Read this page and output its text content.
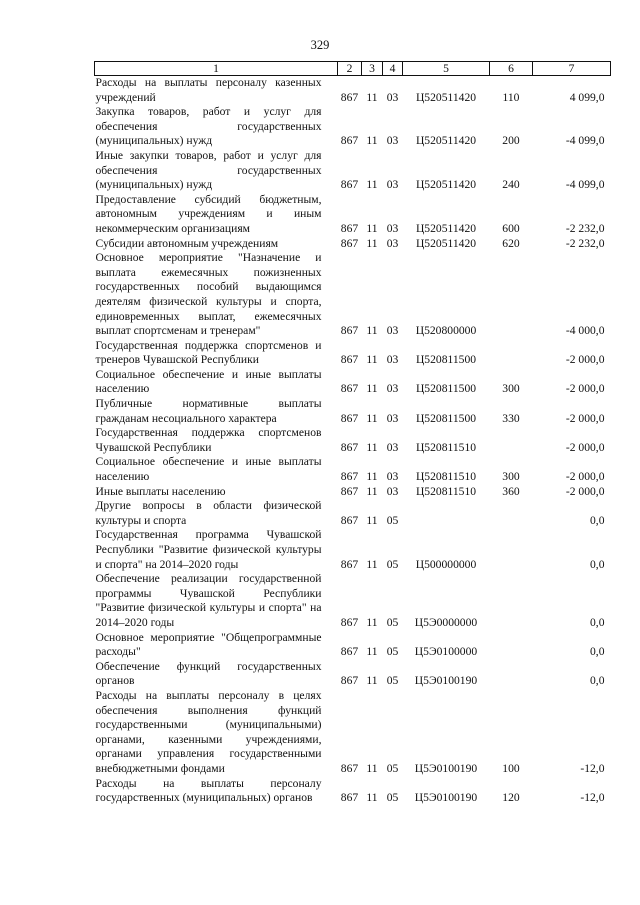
329
1	2	3	4	5	6	7
Расходы на выплаты персоналу казенных учреждений	867	11	03	Ц520511420	110	4 099,0
Закупка товаров, работ и услуг для обеспечения государственных (муниципальных) нужд	867	11	03	Ц520511420	200	-4 099,0
Иные закупки товаров, работ и услуг для обеспечения государственных (муниципальных) нужд	867	11	03	Ц520511420	240	-4 099,0
Предоставление субсидий бюджетным, автономным учреждениям и иным некоммерческим организациям	867	11	03	Ц520511420	600	-2 232,0
Субсидии автономным учреждениям	867	11	03	Ц520511420	620	-2 232,0
Основное мероприятие "Назначение и выплата ежемесячных пожизненных государственных пособий выдающимся деятелям физической культуры и спорта, единовременных выплат, ежемесячных выплат спортсменам и тренерам"	867	11	03	Ц520800000		-4 000,0
Государственная поддержка спортсменов и тренеров Чувашской Республики	867	11	03	Ц520811500		-2 000,0
Социальное обеспечение и иные выплаты населению	867	11	03	Ц520811500	300	-2 000,0
Публичные нормативные выплаты гражданам несоциального характера	867	11	03	Ц520811500	330	-2 000,0
Государственная поддержка спортсменов Чувашской Республики	867	11	03	Ц520811510		-2 000,0
Социальное обеспечение и иные выплаты населению	867	11	03	Ц520811510	300	-2 000,0
Иные выплаты населению	867	11	03	Ц520811510	360	-2 000,0
Другие вопросы в области физической культуры и спорта	867	11	05			0,0
Государственная программа Чувашской Республики "Развитие физической культуры и спорта" на 2014–2020 годы	867	11	05	Ц500000000		0,0
Обеспечение реализации государственной программы Чувашской Республики "Развитие физической культуры и спорта" на 2014–2020 годы	867	11	05	Ц5Э0000000		0,0
Основное мероприятие "Общепрограммные расходы"	867	11	05	Ц5Э0100000		0,0
Обеспечение функций государственных органов	867	11	05	Ц5Э0100190		0,0
Расходы на выплаты персоналу в целях обеспечения выполнения функций государственными (муниципальными) органами, казенными учреждениями, органами управления государственными внебюджетными фондами	867	11	05	Ц5Э0100190	100	-12,0
Расходы на выплаты персоналу государственных (муниципальных) органов	867	11	05	Ц5Э0100190	120	-12,0
